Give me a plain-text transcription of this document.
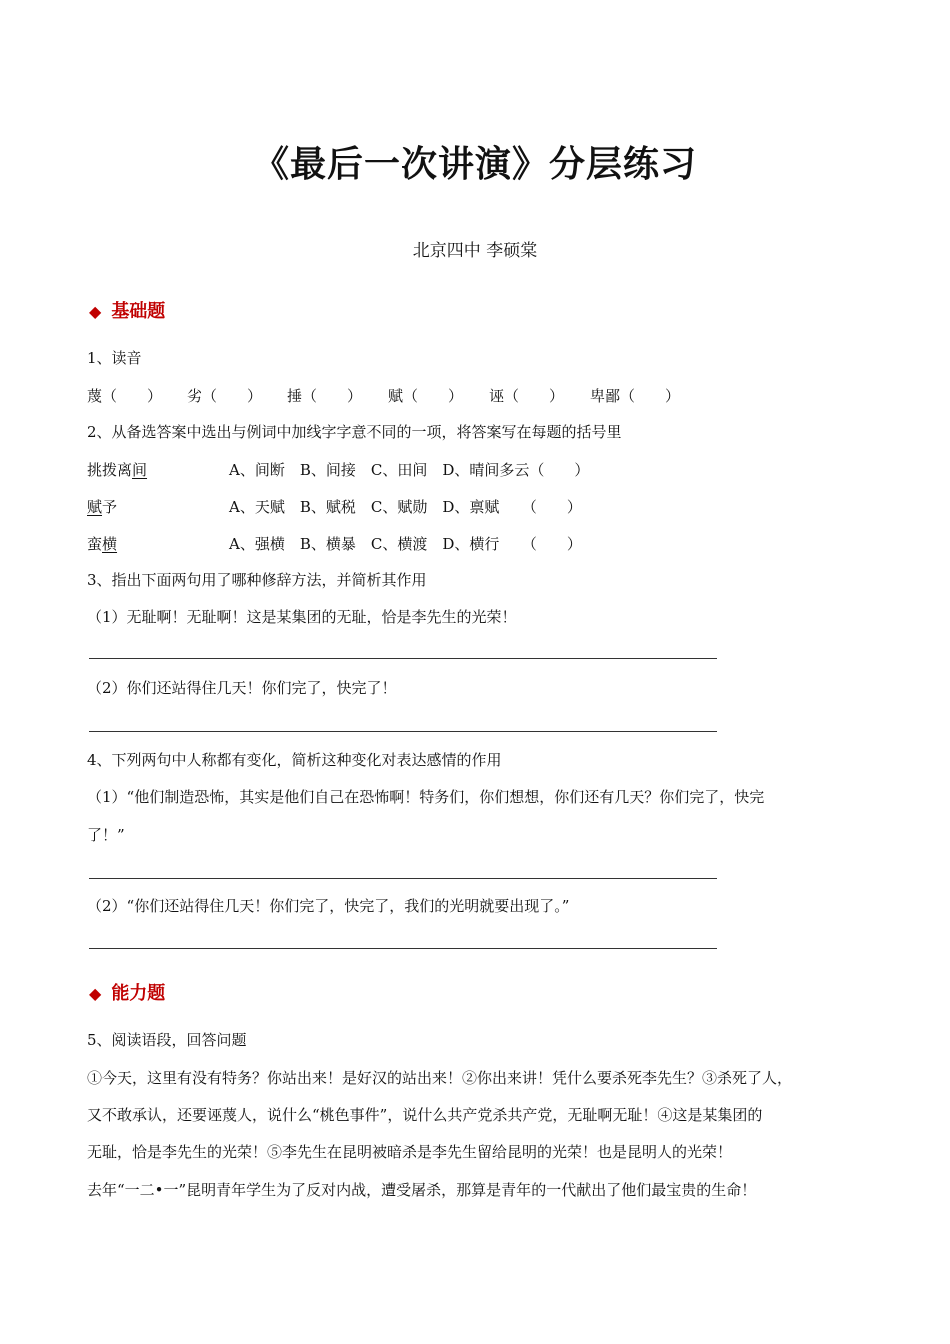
《最后一次讲演》分层练习
北京四中 李硕棠
◆ 基础题
1、读音
蔑（　　） 劣（　　） 捶（　　） 赋（　　） 诬（　　） 卑鄙（　　）
2、从备选答案中选出与例词中加线字字意不同的一项，将答案写在每题的括号里
挑拨离间	A、间断　B、间接　C、田间　D、晴间多云（　　）
赋予	A、天赋　B、赋税　C、赋勋　D、禀赋　　（　　）
蛮横	A、强横　B、横暴　C、横渡　D、横行　　（　　）
3、指出下面两句用了哪种修辞方法，并简析其作用
（1）无耻啊！无耻啊！这是某集团的无耻，恰是李先生的光荣！
（2）你们还站得住几天！你们完了，快完了！
4、下列两句中人称都有变化，简析这种变化对表达感情的作用
（1）“他们制造恐怖，其实是他们自己在恐怖啊！特务们，你们想想，你们还有几天？你们完了，快完
了！”
（2）“你们还站得住几天！你们完了，快完了，我们的光明就要出现了。”
◆ 能力题
5、阅读语段，回答问题
①今天，这里有没有特务？你站出来！是好汉的站出来！②你出来讲！凭什么要杀死李先生？③杀死了人，
又不敢承认，还要诬蔑人，说什么“桃色事件”，说什么共产党杀共产党，无耻啊无耻！④这是某集团的
无耻，恰是李先生的光荣！⑤李先生在昆明被暗杀是李先生留给昆明的光荣！也是昆明人的光荣！
去年“一二•一”昆明青年学生为了反对内战，遭受屠杀，那算是青年的一代献出了他们最宝贵的生命！
